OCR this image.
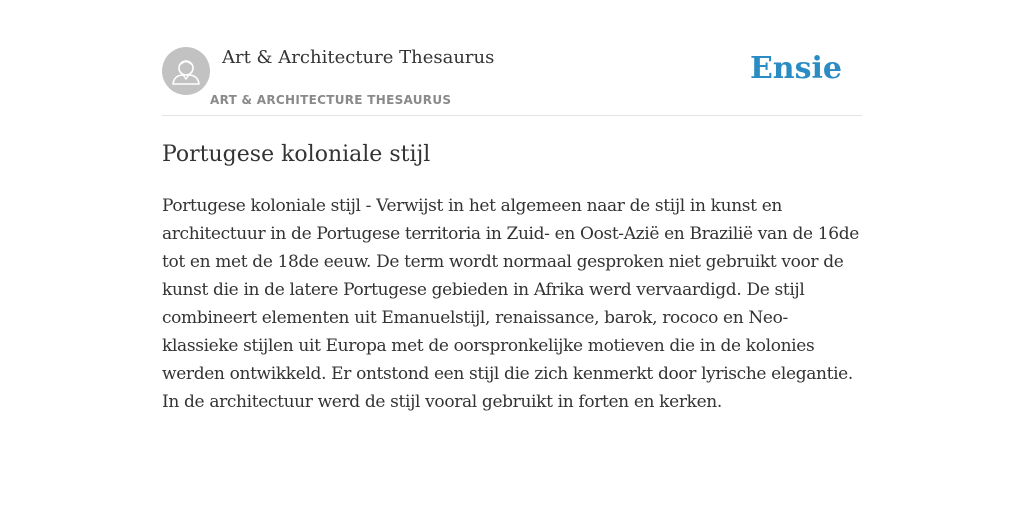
Art & Architecture Thesaurus
ART & ARCHITECTURE THESAURUS
Ensie
Portugese koloniale stijl

Portugese koloniale stijl - Verwijst in het algemeen naar de stijl in kunst en architectuur in de Portugese territoria in Zuid- en Oost-Azië en Brazilië van de 16de tot en met de 18de eeuw. De term wordt normaal gesproken niet gebruikt voor de kunst die in de latere Portugese gebieden in Afrika werd vervaardigd. De stijl combineert elementen uit Emanuelstijl, renaissance, barok, rococo en Neo-klassieke stijlen uit Europa met de oorspronkelijke motieven die in de kolonies werden ontwikkeld. Er ontstond een stijl die zich kenmerkt door lyrische elegantie. In de architectuur werd de stijl vooral gebruikt in forten en kerken.
